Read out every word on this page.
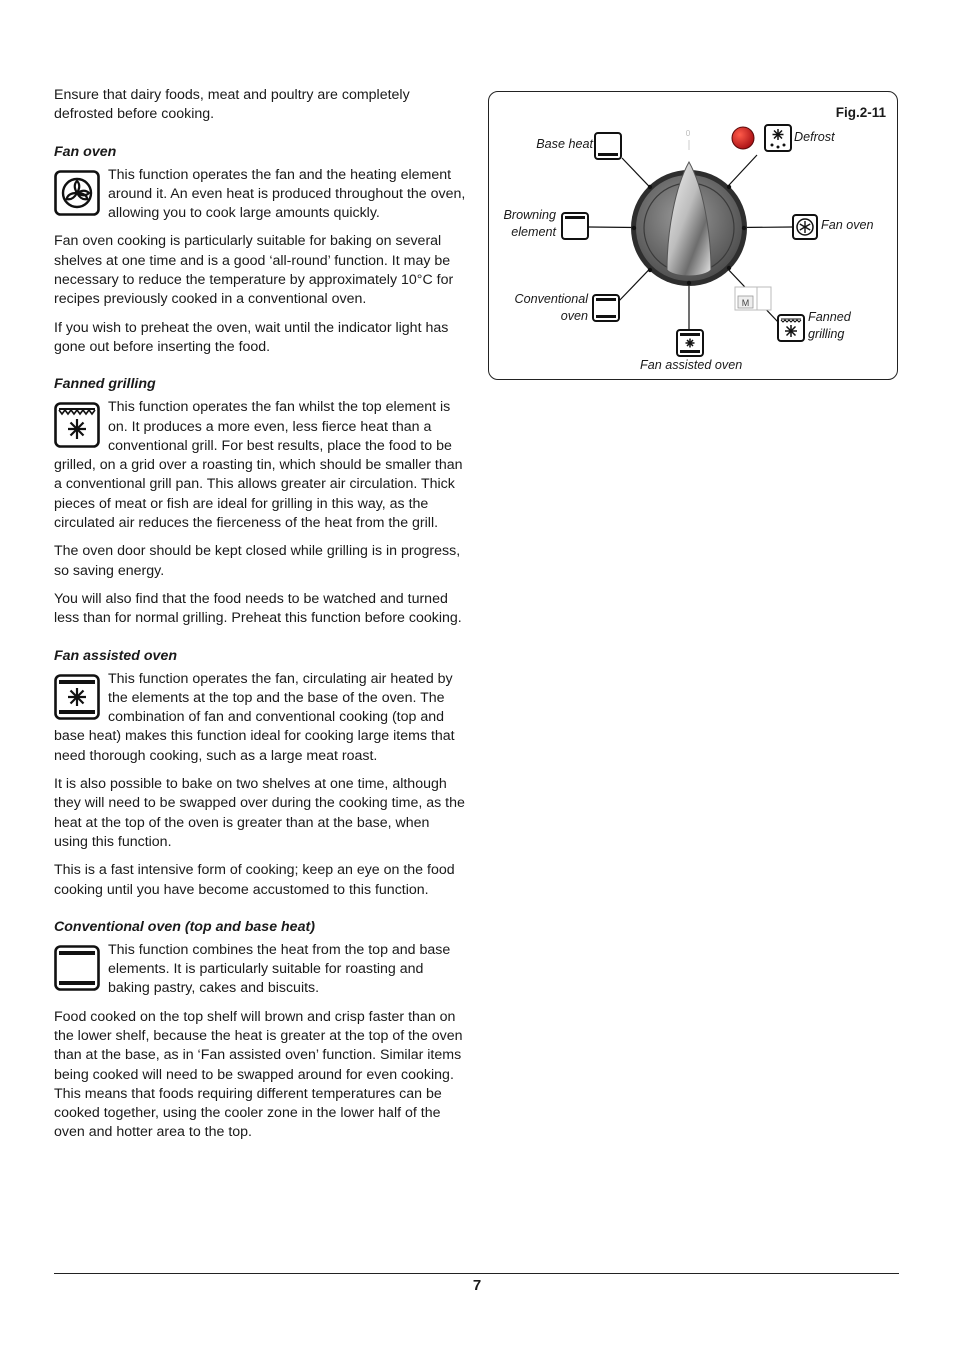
Ensure that dairy foods, meat and poultry are completely defrosted before cooking.

Fan oven

This function operates the fan and the heating element around it. An even heat is produced throughout the oven, allowing you to cook large amounts quickly.

Fan oven cooking is particularly suitable for baking on several shelves at one time and is a good ‘all-round’ function. It may be necessary to reduce the temperature by approximately 10°C for recipes previously cooked in a conventional oven.

If you wish to preheat the oven, wait until the indicator light has gone out before inserting the food.

Fanned grilling

This function operates the fan whilst the top element is on. It produces a more even, less fierce heat than a conventional grill. For best results, place the food to be grilled, on a grid over a roasting tin, which should be smaller than a conventional grill pan. This allows greater air circulation. Thick pieces of meat or fish are ideal for grilling in this way, as the circulated air reduces the fierceness of the heat from the grill.

The oven door should be kept closed while grilling is in progress, so saving energy.

You will also find that the food needs to be watched and turned less than for normal grilling. Preheat this function before cooking.

Fan assisted oven

This function operates the fan, circulating air heated by the elements at the top and the base of the oven. The combination of fan and conventional cooking (top and base heat) makes this function ideal for cooking large items that need thorough cooking, such as a large meat roast.

It is also possible to bake on two shelves at one time, although they will need to be swapped over during the cooking time, as the heat at the top of the oven is greater than at the base, when using this function.

This is a fast intensive form of cooking; keep an eye on the food cooking until you have become accustomed to this function.

Conventional oven (top and base heat)

This function combines the heat from the top and base elements. It is particularly suitable for roasting and baking pastry, cakes and biscuits.

Food cooked on the top shelf will brown and crisp faster than on the lower shelf, because the heat is greater at the top of the oven than at the base, as in ‘Fan assisted oven’ function. Similar items being cooked will need to be swapped around for even cooking. This means that foods requiring different temperatures can be cooked together, using the cooler zone in the lower half of the oven and hotter area to the top.

M
0
Fig.2-11
Base heat	Defrost
Browning
element	Fan oven
Conventional
oven	Fanned
grilling
Fan assisted oven
7
